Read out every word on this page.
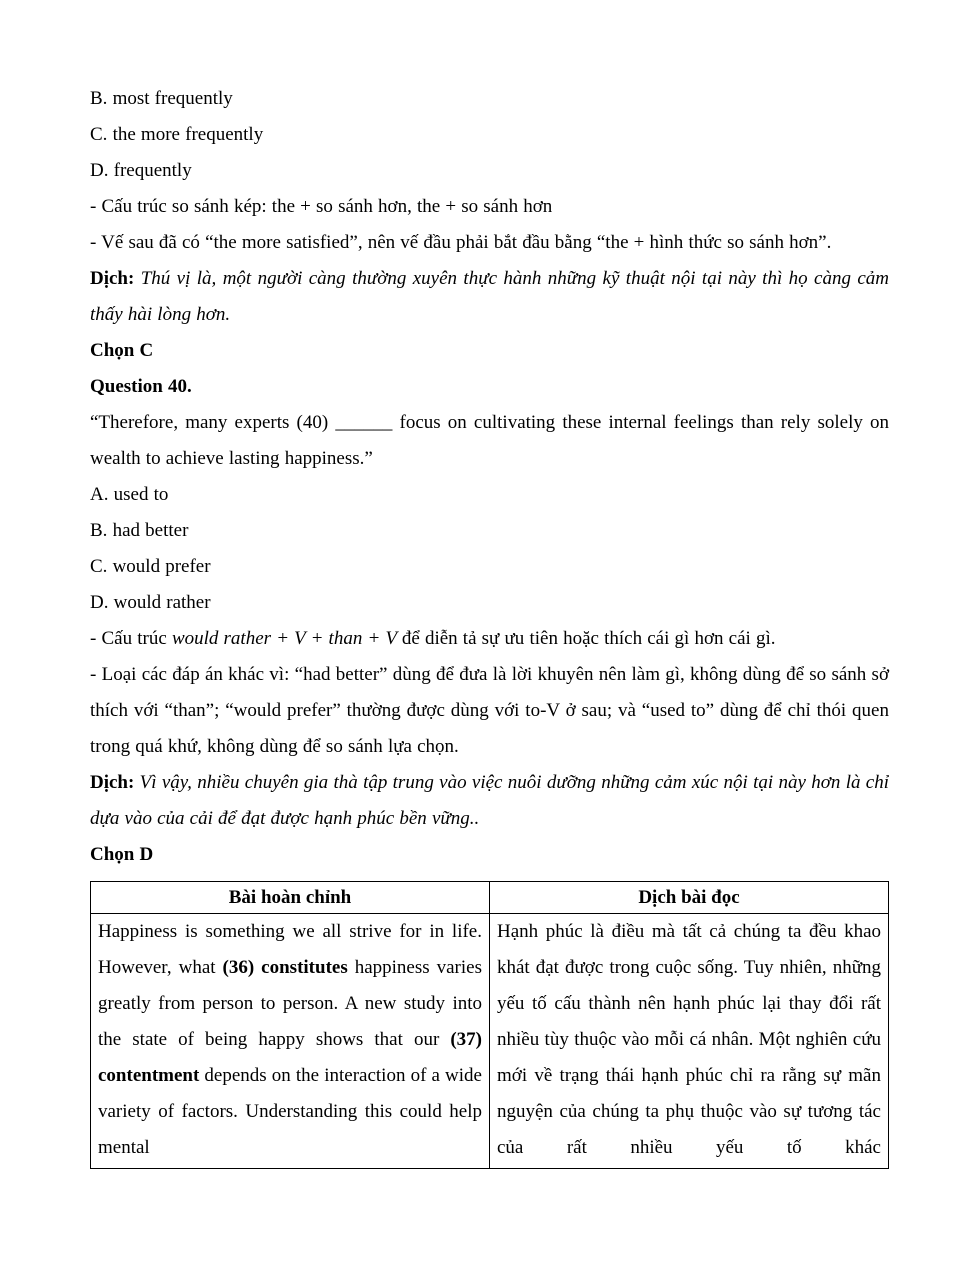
B. most frequently
C. the more frequently
D. frequently
- Cấu trúc so sánh kép: the + so sánh hơn, the + so sánh hơn
- Vế sau đã có “the more satisfied”, nên vế đầu phải bắt đầu bằng “the + hình thức so sánh hơn”.
Dịch: Thú vị là, một người càng thường xuyên thực hành những kỹ thuật nội tại này thì họ càng cảm thấy hài lòng hơn.
Chọn C
Question 40.
“Therefore, many experts (40) ______ focus on cultivating these internal feelings than rely solely on wealth to achieve lasting happiness.”
A. used to
B. had better
C. would prefer
D. would rather
- Cấu trúc would rather + V + than + V để diễn tả sự ưu tiên hoặc thích cái gì hơn cái gì.
- Loại các đáp án khác vì: “had better” dùng để đưa là lời khuyên nên làm gì, không dùng để so sánh sở thích với “than”; “would prefer” thường được dùng với to-V ở sau; và “used to” dùng để chỉ thói quen trong quá khứ, không dùng để so sánh lựa chọn.
Dịch: Vì vậy, nhiều chuyên gia thà tập trung vào việc nuôi dưỡng những cảm xúc nội tại này hơn là chỉ dựa vào của cải để đạt được hạnh phúc bền vững..
Chọn D
Bài hoàn chỉnh	Dịch bài đọc
Happiness is something we all strive for in life. However, what (36) constitutes happiness varies greatly from person to person. A new study into the state of being happy shows that our (37) contentment depends on the interaction of a wide variety of factors. Understanding this could help mental	Hạnh phúc là điều mà tất cả chúng ta đều khao khát đạt được trong cuộc sống. Tuy nhiên, những yếu tố cấu thành nên hạnh phúc lại thay đổi rất nhiều tùy thuộc vào mỗi cá nhân. Một nghiên cứu mới về trạng thái hạnh phúc chỉ ra rằng sự mãn nguyện của chúng ta phụ thuộc vào sự tương tác của rất nhiều yếu tố khác
